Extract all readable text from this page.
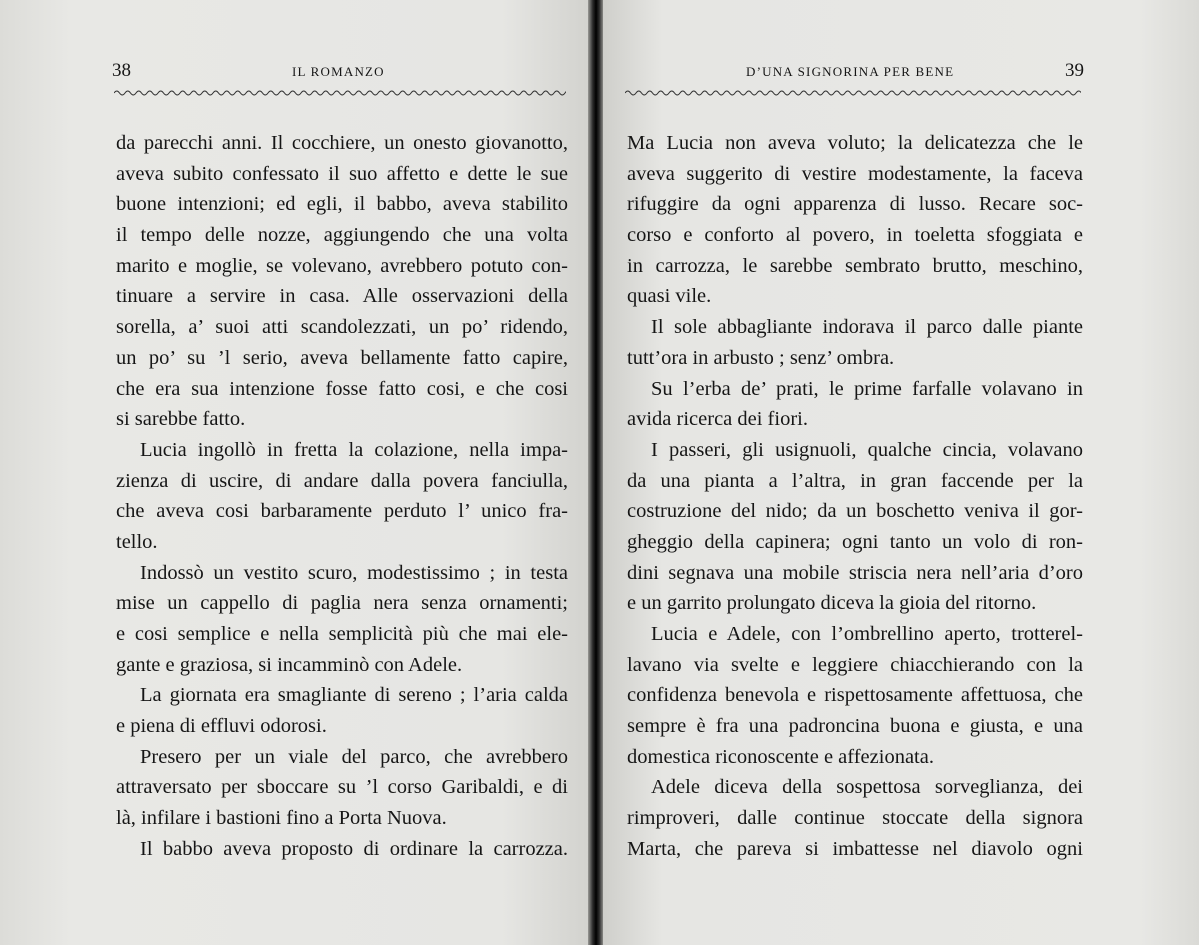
38	IL ROMANZO
da parecchi anni. Il cocchiere, un onesto giovanotto,
aveva subito confessato il suo affetto e dette le sue
buone intenzioni; ed egli, il babbo, aveva stabilito
il tempo delle nozze, aggiungendo che una volta
marito e moglie, se volevano, avrebbero potuto con-
tinuare a servire in casa. Alle osservazioni della
sorella, a’ suoi atti scandolezzati, un po’ ridendo,
un po’ su ’l serio, aveva bellamente fatto capire,
che era sua intenzione fosse fatto cosi, e che cosi
si sarebbe fatto.
Lucia ingollò in fretta la colazione, nella impa-
zienza di uscire, di andare dalla povera fanciulla,
che aveva cosi barbaramente perduto l’ unico fra-
tello.
Indossò un vestito scuro, modestissimo ; in testa
mise un cappello di paglia nera senza ornamenti;
e cosi semplice e nella semplicità più che mai ele-
gante e graziosa, si incamminò con Adele.
La giornata era smagliante di sereno ; l’aria calda
e piena di effluvi odorosi.
Presero per un viale del parco, che avrebbero
attraversato per sboccare su ’l corso Garibaldi, e di
là, infilare i bastioni fino a Porta Nuova.
Il babbo aveva proposto di ordinare la carrozza.
D’UNA SIGNORINA PER BENE	39
Ma Lucia non aveva voluto; la delicatezza che le
aveva suggerito di vestire modestamente, la faceva
rifuggire da ogni apparenza di lusso. Recare soc-
corso e conforto al povero, in toeletta sfoggiata e
in carrozza, le sarebbe sembrato brutto, meschino,
quasi vile.
Il sole abbagliante indorava il parco dalle piante
tutt’ora in arbusto ; senz’ ombra.
Su l’erba de’ prati, le prime farfalle volavano in
avida ricerca dei fiori.
I passeri, gli usignuoli, qualche cincia, volavano
da una pianta a l’altra, in gran faccende per la
costruzione del nido; da un boschetto veniva il gor-
gheggio della capinera; ogni tanto un volo di ron-
dini segnava una mobile striscia nera nell’aria d’oro
e un garrito prolungato diceva la gioia del ritorno.
Lucia e Adele, con l’ombrellino aperto, trotterel-
lavano via svelte e leggiere chiacchierando con la
confidenza benevola e rispettosamente affettuosa, che
sempre è fra una padroncina buona e giusta, e una
domestica riconoscente e affezionata.
Adele diceva della sospettosa sorveglianza, dei
rimproveri, dalle continue stoccate della signora
Marta, che pareva si imbattesse nel diavolo ogni
